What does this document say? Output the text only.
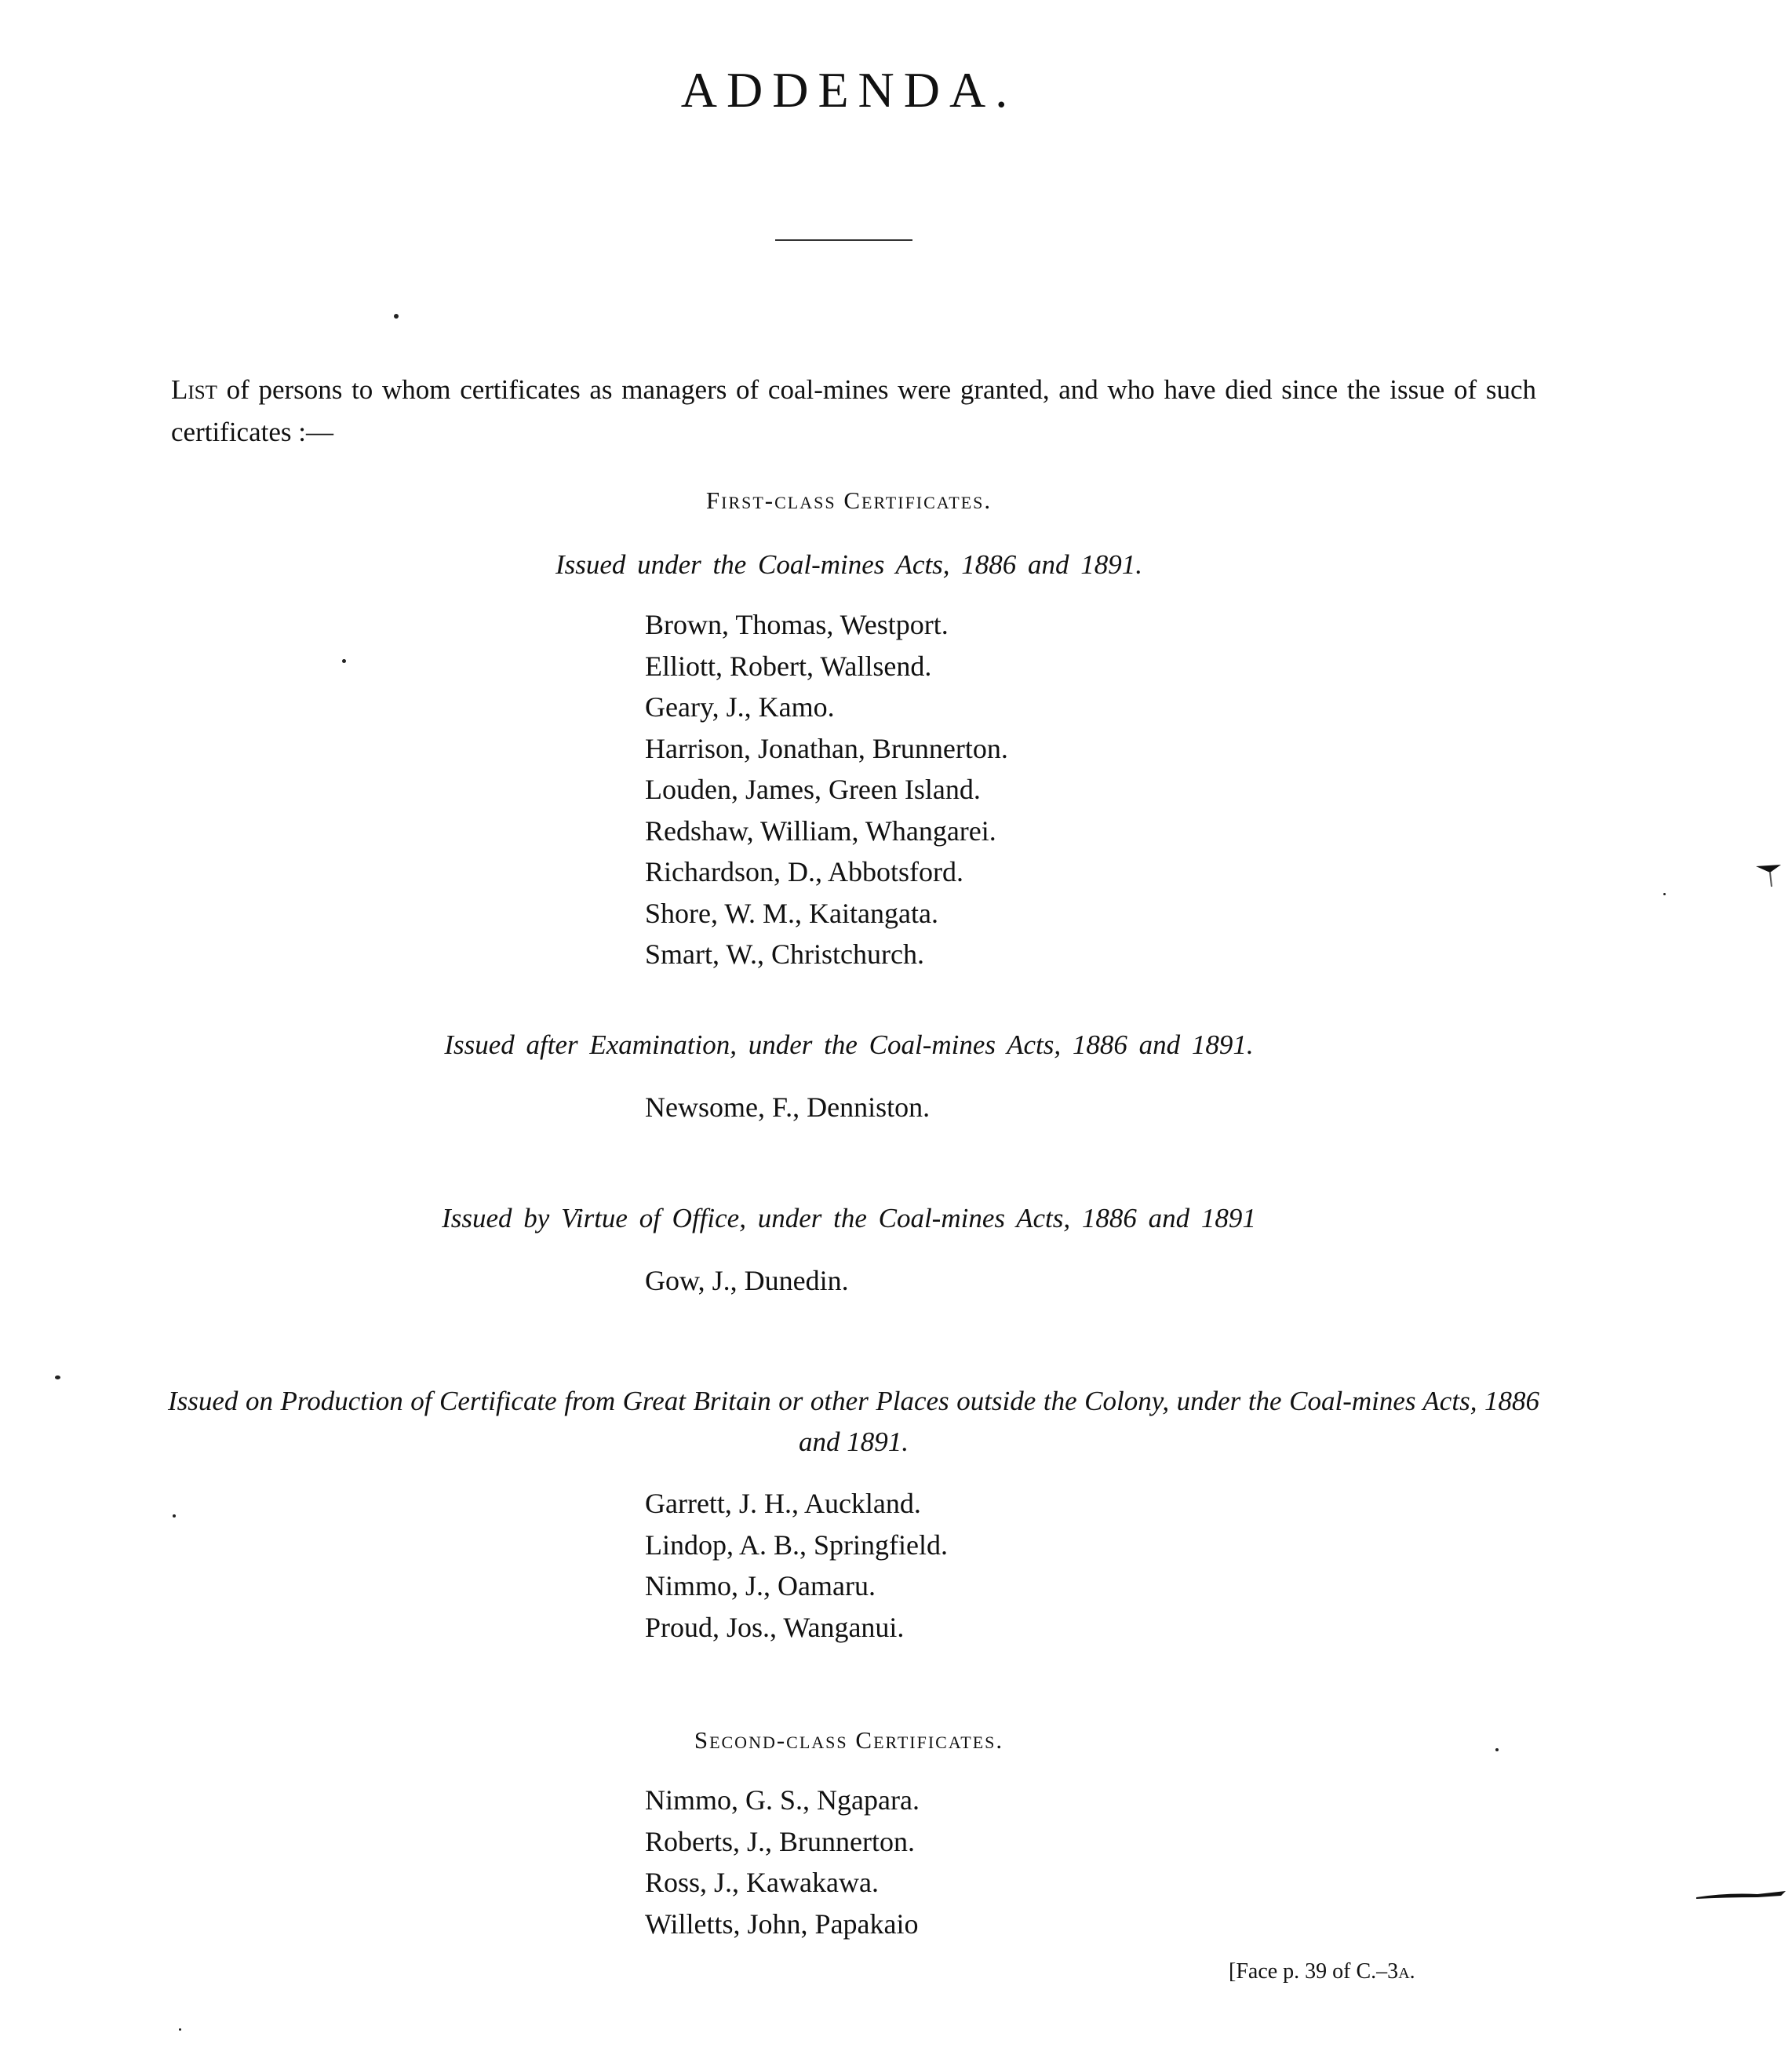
ADDENDA.

List of persons to whom certificates as managers of coal-mines were granted, and who have died since the issue of such certificates :—

First-class Certificates.

Issued under the Coal-mines Acts, 1886 and 1891.

Brown, Thomas, Westport.
Elliott, Robert, Wallsend.
Geary, J., Kamo.
Harrison, Jonathan, Brunnerton.
Louden, James, Green Island.
Redshaw, William, Whangarei.
Richardson, D., Abbotsford.
Shore, W. M., Kaitangata.
Smart, W., Christchurch.

Issued after Examination, under the Coal-mines Acts, 1886 and 1891.

Newsome, F., Denniston.

Issued by Virtue of Office, under the Coal-mines Acts, 1886 and 1891

Gow, J., Dunedin.

Issued on Production of Certificate from Great Britain or other Places outside the Colony, under the Coal-mines Acts, 1886 and 1891.

Garrett, J. H., Auckland.
Lindop, A. B., Springfield.
Nimmo, J., Oamaru.
Proud, Jos., Wanganui.

Second-class Certificates.

Nimmo, G. S., Ngapara.
Roberts, J., Brunnerton.
Ross, J., Kawakawa.
Willetts, John, Papakaio

[Face p. 39 of C.–3a.
